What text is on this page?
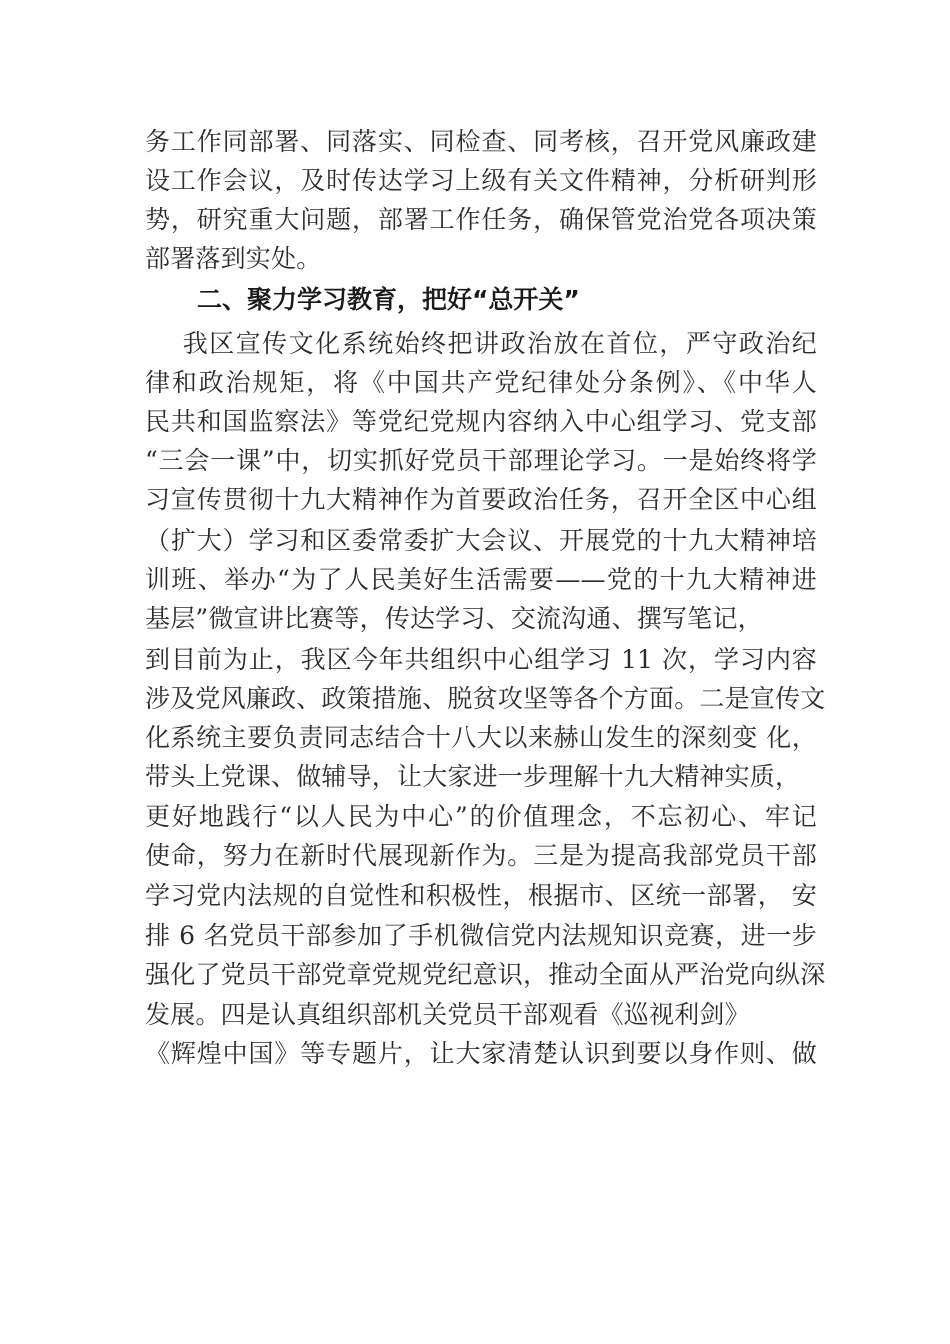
务工作同部署、同落实、同检查、同考核，召开党风廉政建
设工作会议，及时传达学习上级有关文件精神，分析研判形
势，研究重大问题，部署工作任务，确保管党治党各项决策
部署落到实处。
二、聚力学习教育，把好“总开关”
我区宣传文化系统始终把讲政治放在首位，严守政治纪
律和政治规矩，将《中国共产党纪律处分条例》、《中华人
民共和国监察法》等党纪党规内容纳入中心组学习、党支部
“三会一课”中，切实抓好党员干部理论学习。一是始终将学
习宣传贯彻十九大精神作为首要政治任务，召开全区中心组
（扩大）学习和区委常委扩大会议、开展党的十九大精神培
训班、举办“为了人民美好生活需要——党的十九大精神进
基层”微宣讲比赛等，传达学习、交流沟通、撰写笔记，
到目前为止，我区今年共组织中心组学习 11 次，学习内容
涉及党风廉政、政策措施、脱贫攻坚等各个方面。二是宣传文
化系统主要负责同志结合十八大以来赫山发生的深刻变 化，
带头上党课、做辅导，让大家进一步理解十九大精神实质，
更好地践行“以人民为中心”的价值理念，不忘初心、牢记
使命，努力在新时代展现新作为。三是为提高我部党员干部
学习党内法规的自觉性和积极性，根据市、区统一部署， 安
排 6 名党员干部参加了手机微信党内法规知识竞赛，进一步
强化了党员干部党章党规党纪意识，推动全面从严治党向纵深
发展。四是认真组织部机关党员干部观看《巡视利剑》
《辉煌中国》等专题片，让大家清楚认识到要以身作则、做
